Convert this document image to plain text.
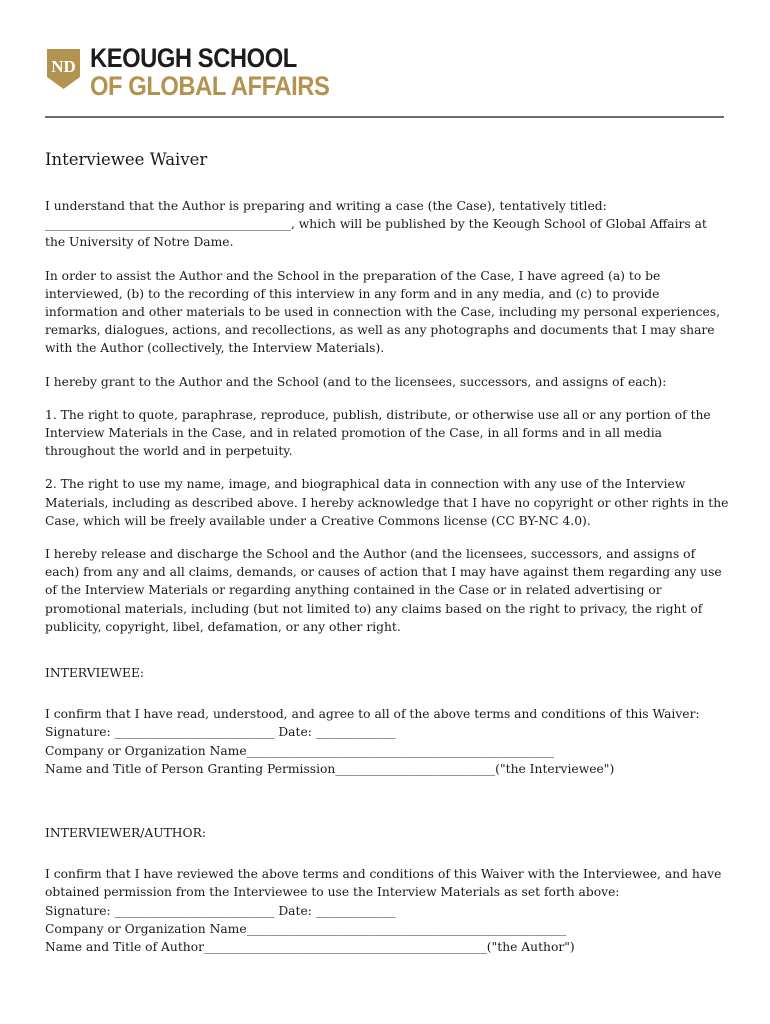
ND KEOUGH SCHOOL
OF GLOBAL AFFAIRS
Interviewee Waiver

I understand that the Author is preparing and writing a case (the Case), tentatively titled:
________________________________________, which will be published by the Keough School of Global Affairs at the University of Notre Dame.

In order to assist the Author and the School in the preparation of the Case, I have agreed (a) to be interviewed, (b) to the recording of this interview in any form and in any media, and (c) to provide information and other materials to be used in connection with the Case, including my personal experiences, remarks, dialogues, actions, and recollections, as well as any photographs and documents that I may share with the Author (collectively, the Interview Materials).

I hereby grant to the Author and the School (and to the licensees, successors, and assigns of each):

1. The right to quote, paraphrase, reproduce, publish, distribute, or otherwise use all or any portion of the Interview Materials in the Case, and in related promotion of the Case, in all forms and in all media throughout the world and in perpetuity.

2. The right to use my name, image, and biographical data in connection with any use of the Interview Materials, including as described above. I hereby acknowledge that I have no copyright or other rights in the Case, which will be freely available under a Creative Commons license (CC BY-NC 4.0).

I hereby release and discharge the School and the Author (and the licensees, successors, and assigns of each) from any and all claims, demands, or causes of action that I may have against them regarding any use of the Interview Materials or regarding anything contained in the Case or in related advertising or promotional materials, including (but not limited to) any claims based on the right to privacy, the right of publicity, copyright, libel, defamation, or any other right.

INTERVIEWEE:
I confirm that I have read, understood, and agree to all of the above terms and conditions of this Waiver:
Signature: __________________________ Date: _____________
Company or Organization Name__________________________________________________
Name and Title of Person Granting Permission__________________________("the Interviewee")
INTERVIEWER/AUTHOR:
I confirm that I have reviewed the above terms and conditions of this Waiver with the Interviewee, and have
obtained permission from the Interviewee to use the Interview Materials as set forth above:
Signature: __________________________ Date: _____________
Company or Organization Name____________________________________________________
Name and Title of Author______________________________________________("the Author")
